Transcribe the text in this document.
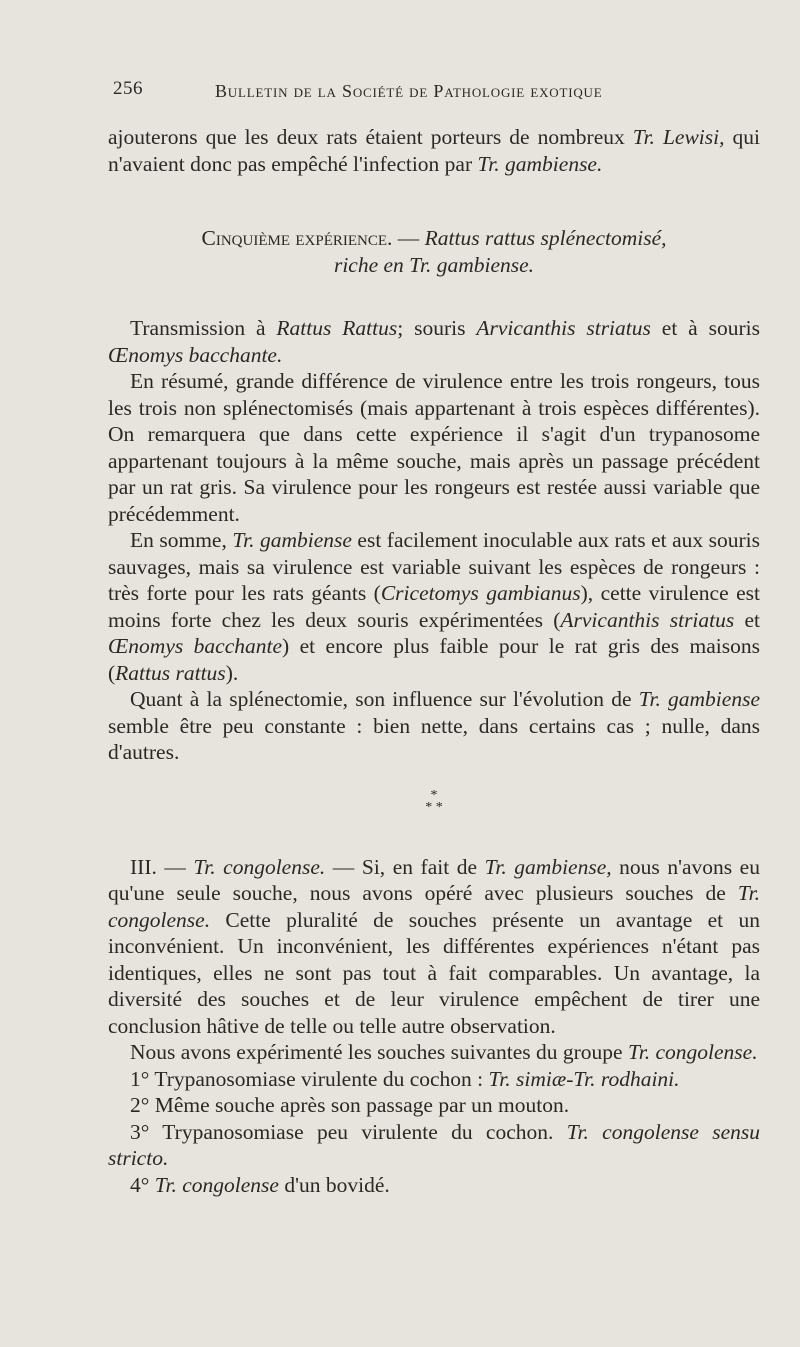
256	Bulletin de la Société de Pathologie exotique

ajouterons que les deux rats étaient porteurs de nombreux Tr. Lewisi, qui n'avaient donc pas empêché l'infection par Tr. gambiense.

Cinquième expérience. — Rattus rattus splénectomisé,
riche en Tr. gambiense.

Transmission à Rattus Rattus; souris Arvicanthis striatus et à souris Œnomys bacchante.

En résumé, grande différence de virulence entre les trois rongeurs, tous les trois non splénectomisés (mais appartenant à trois espèces différentes). On remarquera que dans cette expérience il s'agit d'un trypanosome appartenant toujours à la même souche, mais après un passage précédent par un rat gris. Sa virulence pour les rongeurs est restée aussi variable que précédemment.

En somme, Tr. gambiense est facilement inoculable aux rats et aux souris sauvages, mais sa virulence est variable suivant les espèces de rongeurs : très forte pour les rats géants (Cricetomys gambianus), cette virulence est moins forte chez les deux souris expérimentées (Arvicanthis striatus et Œnomys bacchante) et encore plus faible pour le rat gris des maisons (Rattus rattus).

Quant à la splénectomie, son influence sur l'évolution de Tr. gambiense semble être peu constante : bien nette, dans certains cas ; nulle, dans d'autres.

*
* *

III. — Tr. congolense. — Si, en fait de Tr. gambiense, nous n'avons eu qu'une seule souche, nous avons opéré avec plusieurs souches de Tr. congolense. Cette pluralité de souches présente un avantage et un inconvénient. Un inconvénient, les différentes expériences n'étant pas identiques, elles ne sont pas tout à fait comparables. Un avantage, la diversité des souches et de leur virulence empêchent de tirer une conclusion hâtive de telle ou telle autre observation.

Nous avons expérimenté les souches suivantes du groupe Tr. congolense.

1° Trypanosomiase virulente du cochon : Tr. simiæ-Tr. rodhaini.

2° Même souche après son passage par un mouton.

3° Trypanosomiase peu virulente du cochon. Tr. congolense sensu stricto.

4° Tr. congolense d'un bovidé.
